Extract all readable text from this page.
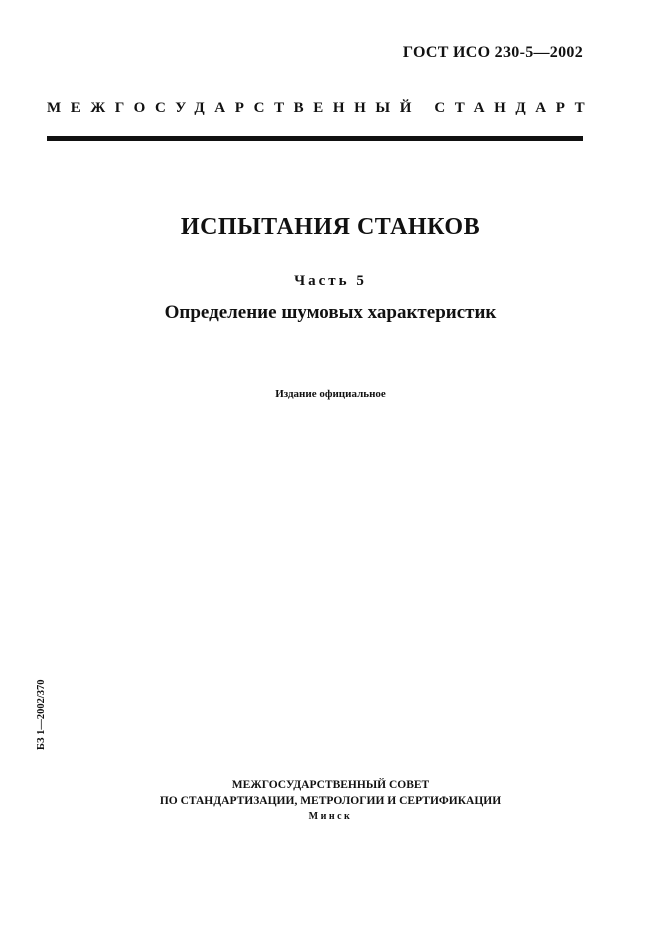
ГОСТ ИСО 230-5—2002
МЕЖГОСУДАРСТВЕННЫЙ СТАНДАРТ
ИСПЫТАНИЯ СТАНКОВ
Часть 5
Определение шумовых характеристик
Издание официальное
БЗ 1—2002/370
МЕЖГОСУДАРСТВЕННЫЙ СОВЕТ
ПО СТАНДАРТИЗАЦИИ, МЕТРОЛОГИИ И СЕРТИФИКАЦИИ
Минск
